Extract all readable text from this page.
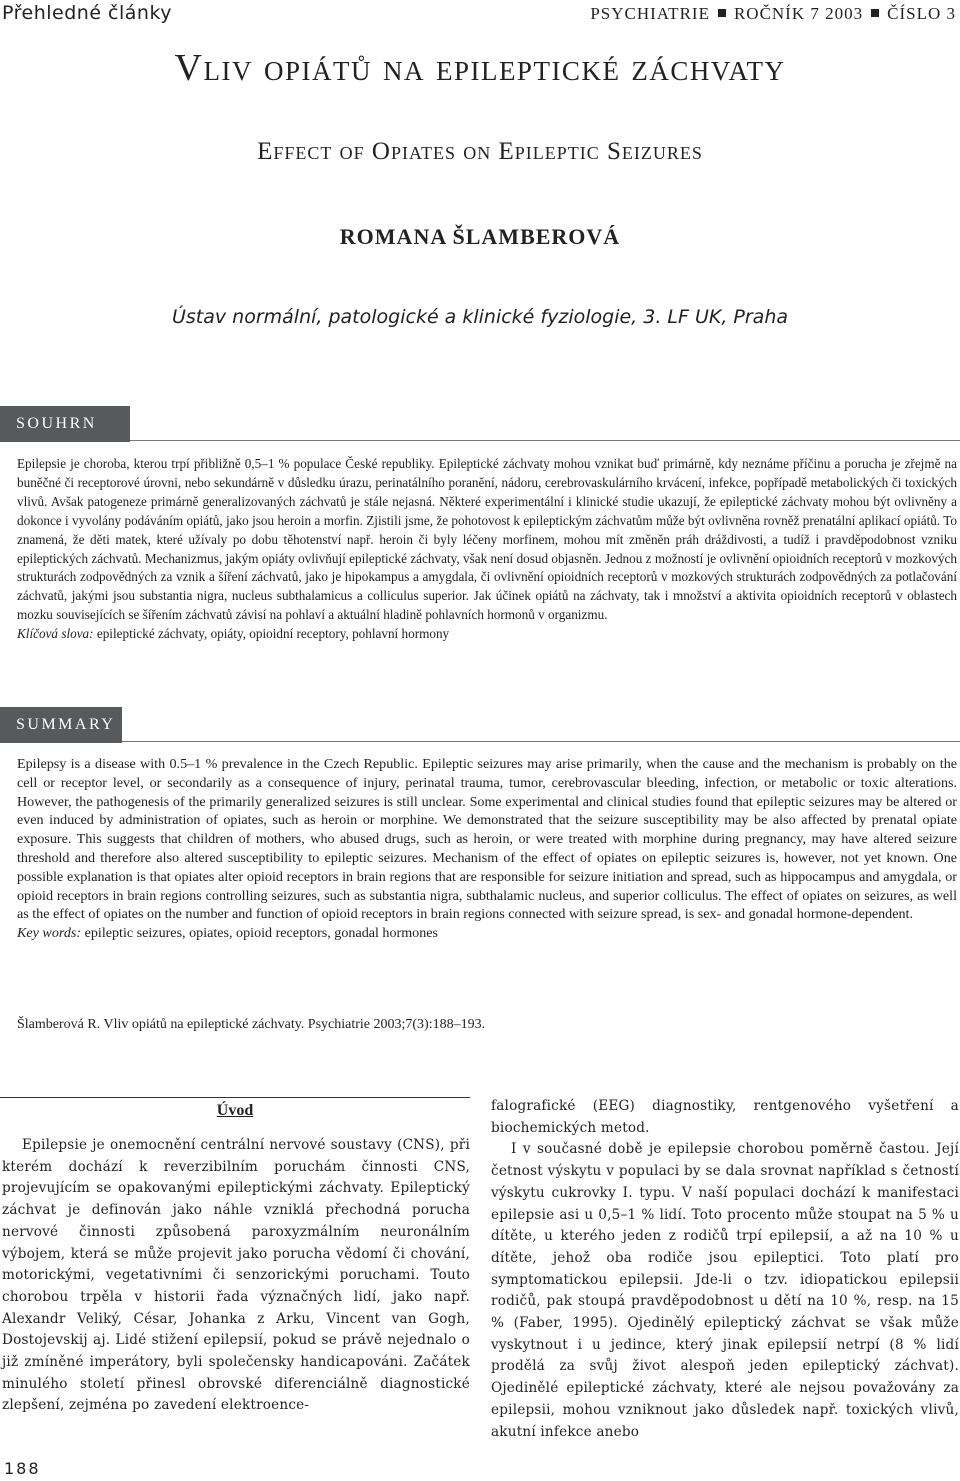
Přehledné články	PSYCHIATRIE ROČNÍK 7 2003 ČÍSLO 3
Vliv opiátů na epileptické záchvaty
Effect of Opiates on Epileptic Seizures
ROMANA ŠLAMBEROVÁ
Ústav normální, patologické a klinické fyziologie, 3. LF UK, Praha
SOUHRN

Epilepsie je choroba, kterou trpí přibližně 0,5–1 % populace České republiky. Epileptické záchvaty mohou vznikat buď primárně, kdy neznáme příčinu a porucha je zřejmě na buněčné či receptorové úrovni, nebo sekundárně v důsledku úrazu, perinatálního poranění, nádoru, cerebrovaskulárního krvácení, infekce, popřípadě metabolických či toxických vlivů. Avšak patogeneze primárně generalizovaných záchvatů je stále nejasná. Některé experimentální i klinické studie ukazují, že epileptické záchvaty mohou být ovlivněny a dokonce i vyvolány podáváním opiátů, jako jsou heroin a morfin. Zjistili jsme, že pohotovost k epileptickým záchvatům může být ovlivněna rovněž prenatální aplikací opiátů. To znamená, že děti matek, které užívaly po dobu těhotenství např. heroin či byly léčeny morfinem, mohou mít změněn práh dráždivosti, a tudíž i pravděpodobnost vzniku epileptických záchvatů. Mechanizmus, jakým opiáty ovlivňují epileptické záchvaty, však není dosud objasněn. Jednou z možností je ovlivnění opioidních receptorů v mozkových strukturách zodpovědných za vznik a šíření záchvatů, jako je hipokampus a amygdala, či ovlivnění opioidních receptorů v mozkových strukturách zodpovědných za potlačování záchvatů, jakými jsou substantia nigra, nucleus subthalamicus a colliculus superior. Jak účinek opiátů na záchvaty, tak i množství a aktivita opioidních receptorů v oblastech mozku souvisejících se šířením záchvatů závisí na pohlaví a aktuální hladině pohlavních hormonů v organizmu.
Klíčová slova: epileptické záchvaty, opiáty, opioidní receptory, pohlavní hormony

SUMMARY

Epilepsy is a disease with 0.5–1 % prevalence in the Czech Republic. Epileptic seizures may arise primarily, when the cause and the mechanism is probably on the cell or receptor level, or secondarily as a consequence of injury, perinatal trauma, tumor, cerebrovascular bleeding, infection, or metabolic or toxic alterations. However, the pathogenesis of the primarily generalized seizures is still unclear. Some experimental and clinical studies found that epileptic seizures may be altered or even induced by administration of opiates, such as heroin or morphine. We demonstrated that the seizure susceptibility may be also affected by prenatal opiate exposure. This suggests that children of mothers, who abused drugs, such as heroin, or were treated with morphine during pregnancy, may have altered seizure threshold and therefore also altered susceptibility to epileptic seizures. Mechanism of the effect of opiates on epileptic seizures is, however, not yet known. One possible explanation is that opiates alter opioid receptors in brain regions that are responsible for seizure initiation and spread, such as hippocampus and amygdala, or opioid receptors in brain regions controlling seizures, such as substantia nigra, subthalamic nucleus, and superior colliculus. The effect of opiates on seizures, as well as the effect of opiates on the number and function of opioid receptors in brain regions connected with seizure spread, is sex- and gonadal hormone-dependent.
Key words: epileptic seizures, opiates, opioid receptors, gonadal hormones

Šlamberová R. Vliv opiátů na epileptické záchvaty. Psychiatrie 2003;7(3):188–193.
Úvod

Epilepsie je onemocnění centrální nervové soustavy (CNS), při kterém dochází k reverzibilním poruchám činnosti CNS, projevujícím se opakovanými epileptickými záchvaty. Epileptický záchvat je definován jako náhle vzniklá přechodná porucha nervové činnosti způsobená paroxyzmálním neuronálním výbojem, která se může projevit jako porucha vědomí či chování, motorickými, vegetativními či senzorickými poruchami. Touto chorobou trpěla v historii řada význačných lidí, jako např. Alexandr Veliký, César, Johanka z Arku, Vincent van Gogh, Dostojevskij aj. Lidé stižení epilepsií, pokud se právě nejednalo o již zmíněné imperátory, byli společensky handicapováni. Začátek minulého století přinesl obrovské diferenciálně diagnostické zlepšení, zejména po zavedení elektroence-

falografické (EEG) diagnostiky, rentgenového vyšetření a biochemických metod.

I v současné době je epilepsie chorobou poměrně častou. Její četnost výskytu v populaci by se dala srovnat například s četností výskytu cukrovky I. typu. V naší populaci dochází k manifestaci epilepsie asi u 0,5–1 % lidí. Toto procento může stoupat na 5 % u dítěte, u kterého jeden z rodičů trpí epilepsií, a až na 10 % u dítěte, jehož oba rodiče jsou epileptici. Toto platí pro symptomatickou epilepsii. Jde-li o tzv. idiopatickou epilepsii rodičů, pak stoupá pravděpodobnost u dětí na 10 %, resp. na 15 % (Faber, 1995). Ojedinělý epileptický záchvat se však může vyskytnout i u jedince, který jinak epilepsií netrpí (8 % lidí prodělá za svůj život alespoň jeden epileptický záchvat). Ojedinělé epileptické záchvaty, které ale nejsou považovány za epilepsii, mohou vzniknout jako důsledek např. toxických vlivů, akutní infekce anebo

188
